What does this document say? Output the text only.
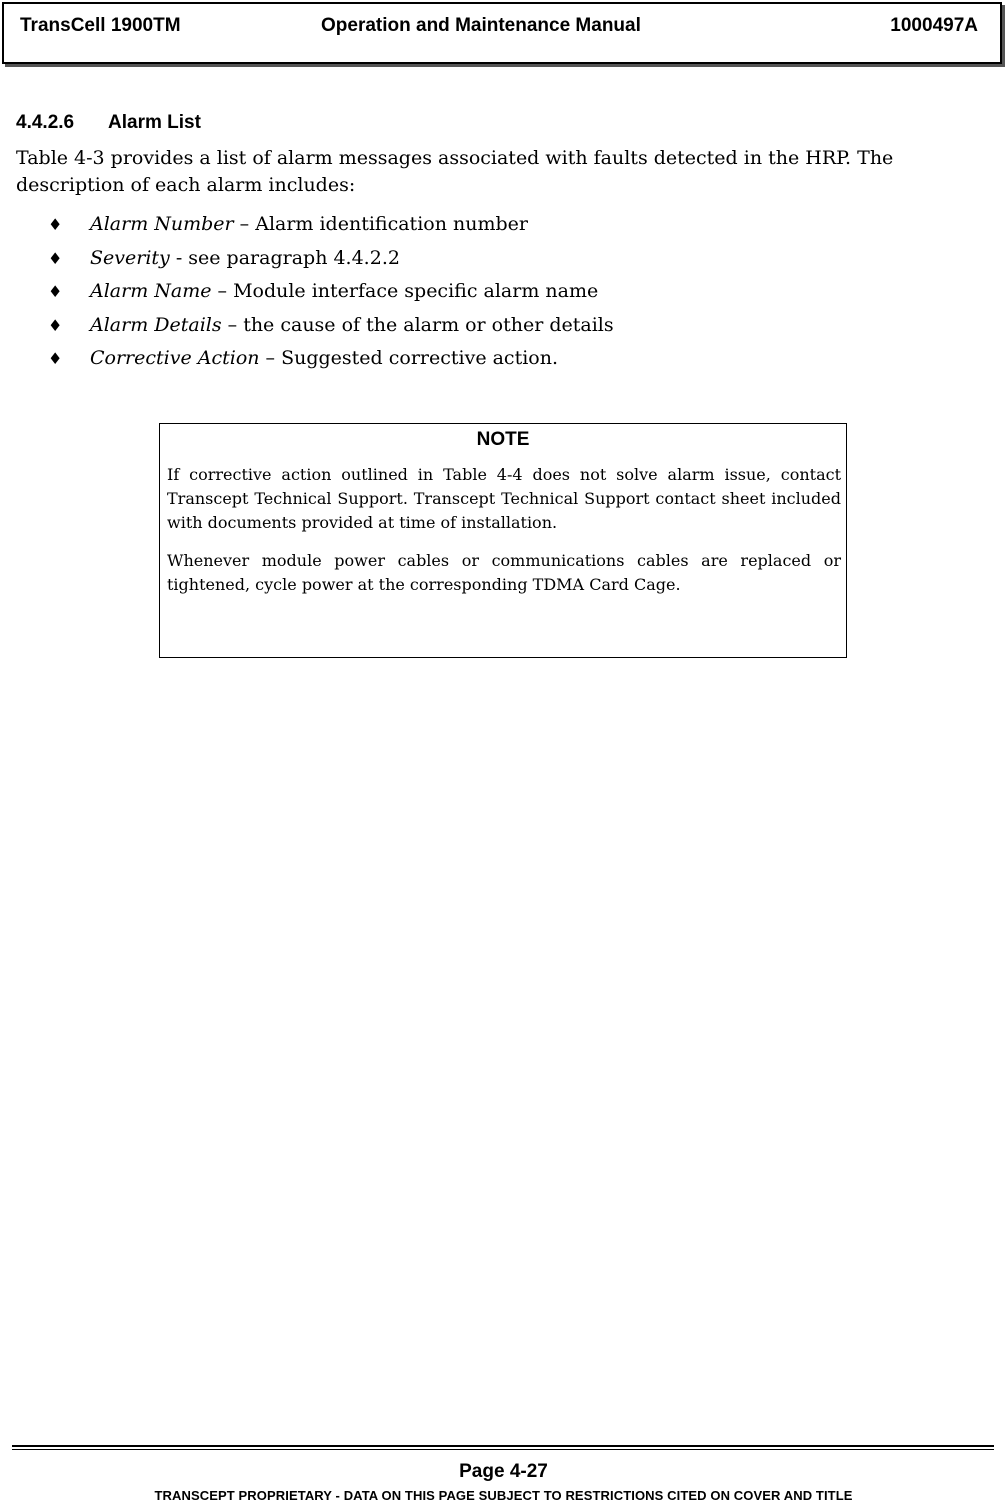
TransCell 1900TM	Operation and Maintenance Manual	1000497A
4.4.2.6 Alarm List

Table 4-3 provides a list of alarm messages associated with faults detected in the HRP. The description of each alarm includes:

♦ Alarm Number – Alarm identification number
♦ Severity - see paragraph 4.4.2.2
♦ Alarm Name – Module interface specific alarm name
♦ Alarm Details – the cause of the alarm or other details
♦ Corrective Action – Suggested corrective action.
NOTE

If corrective action outlined in Table 4-4 does not solve alarm issue, contact Transcept Technical Support. Transcept Technical Support contact sheet included with documents provided at time of installation.

Whenever module power cables or communications cables are replaced or tightened, cycle power at the corresponding TDMA Card Cage.

Page 4-27
TRANSCEPT PROPRIETARY - DATA ON THIS PAGE SUBJECT TO RESTRICTIONS CITED ON COVER AND TITLE
